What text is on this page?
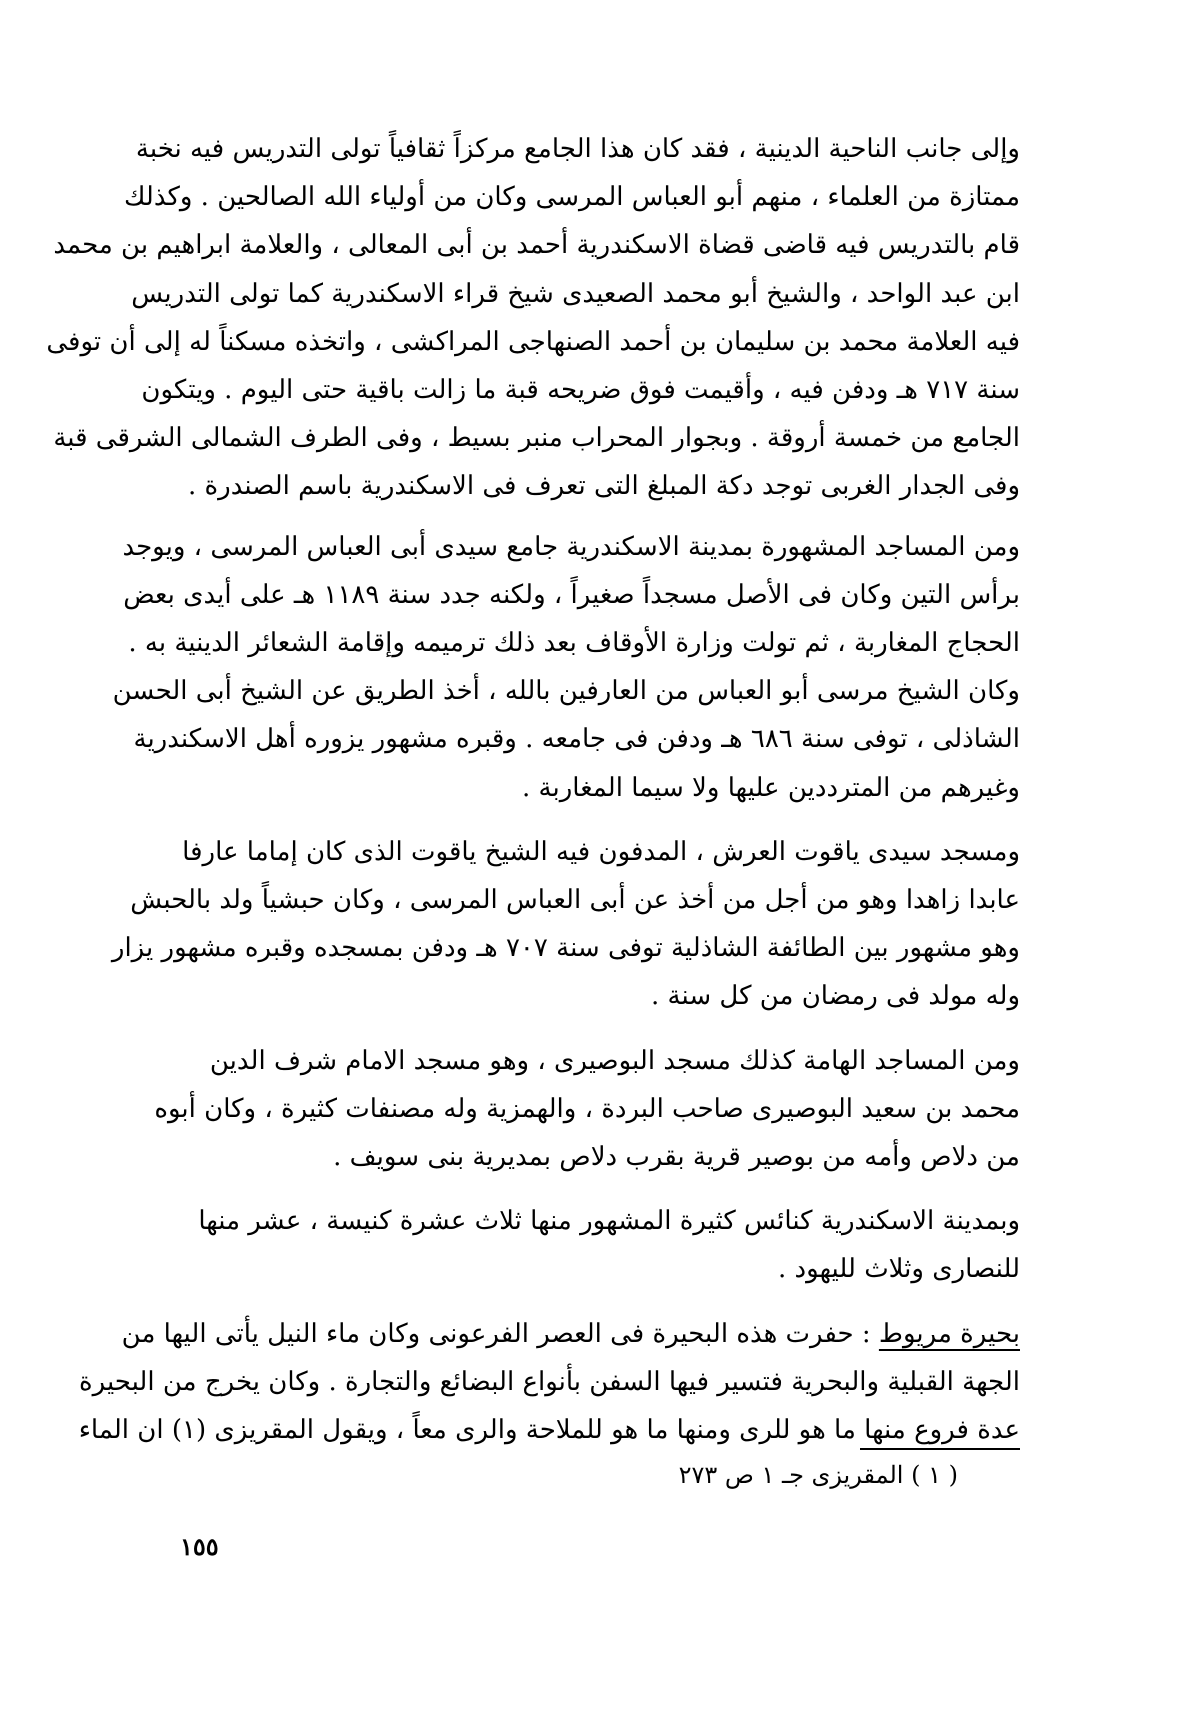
وإلى جانب الناحية الدينية ، فقد كان هذا الجامع مركزاً ثقافياً تولى التدريس فيه نخبة
ممتازة من العلماء ، منهم أبو العباس المرسى وكان من أولياء الله الصالحين . وكذلك
قام بالتدريس فيه قاضى قضاة الاسكندرية أحمد بن أبى المعالى ، والعلامة ابراهيم بن محمد
ابن عبد الواحد ، والشيخ أبو محمد الصعيدى شيخ قراء الاسكندرية كما تولى التدريس
فيه العلامة محمد بن سليمان بن أحمد الصنهاجى المراكشى ، واتخذه مسكناً له إلى أن توفى
سنة ٧١٧ هـ ودفن فيه ، وأقيمت فوق ضريحه قبة ما زالت باقية حتى اليوم . ويتكون
الجامع من خمسة أروقة . وبجوار المحراب منبر بسيط ، وفى الطرف الشمالى الشرقى قبة
وفى الجدار الغربى توجد دكة المبلغ التى تعرف فى الاسكندرية باسم الصندرة .
ومن المساجد المشهورة بمدينة الاسكندرية جامع سيدى أبى العباس المرسى ، ويوجد
برأس التين وكان فى الأصل مسجداً صغيراً ، ولكنه جدد سنة ١١٨٩ هـ على أيدى بعض
الحجاج المغاربة ، ثم تولت وزارة الأوقاف بعد ذلك ترميمه وإقامة الشعائر الدينية به .
وكان الشيخ مرسى أبو العباس من العارفين بالله ، أخذ الطريق عن الشيخ أبى الحسن
الشاذلى ، توفى سنة ٦٨٦ هـ ودفن فى جامعه . وقبره مشهور يزوره أهل الاسكندرية
وغيرهم من المترددين عليها ولا سيما المغاربة .
ومسجد سيدى ياقوت العرش ، المدفون فيه الشيخ ياقوت الذى كان إماما عارفا
عابدا زاهدا وهو من أجل من أخذ عن أبى العباس المرسى ، وكان حبشياً ولد بالحبش
وهو مشهور بين الطائفة الشاذلية توفى سنة ٧٠٧ هـ ودفن بمسجده وقبره مشهور يزار
وله مولد فى رمضان من كل سنة .
ومن المساجد الهامة كذلك مسجد البوصيرى ، وهو مسجد الامام شرف الدين
محمد بن سعيد البوصيرى صاحب البردة ، والهمزية وله مصنفات كثيرة ، وكان أبوه
من دلاص وأمه من بوصير قرية بقرب دلاص بمديرية بنى سويف .
وبمدينة الاسكندرية كنائس كثيرة المشهور منها ثلاث عشرة كنيسة ، عشر منها
للنصارى وثلاث لليهود .
بحيرة مريوط : حفرت هذه البحيرة فى العصر الفرعونى وكان ماء النيل يأتى اليها من
الجهة القبلية والبحرية فتسير فيها السفن بأنواع البضائع والتجارة . وكان يخرج من البحيرة
عدة فروع منها ما هو للرى ومنها ما هو للملاحة والرى معاً ، ويقول المقريزى (١) ان الماء
( ١ ) المقريزى جـ ١ ص ٢٧٣
١٥٥
